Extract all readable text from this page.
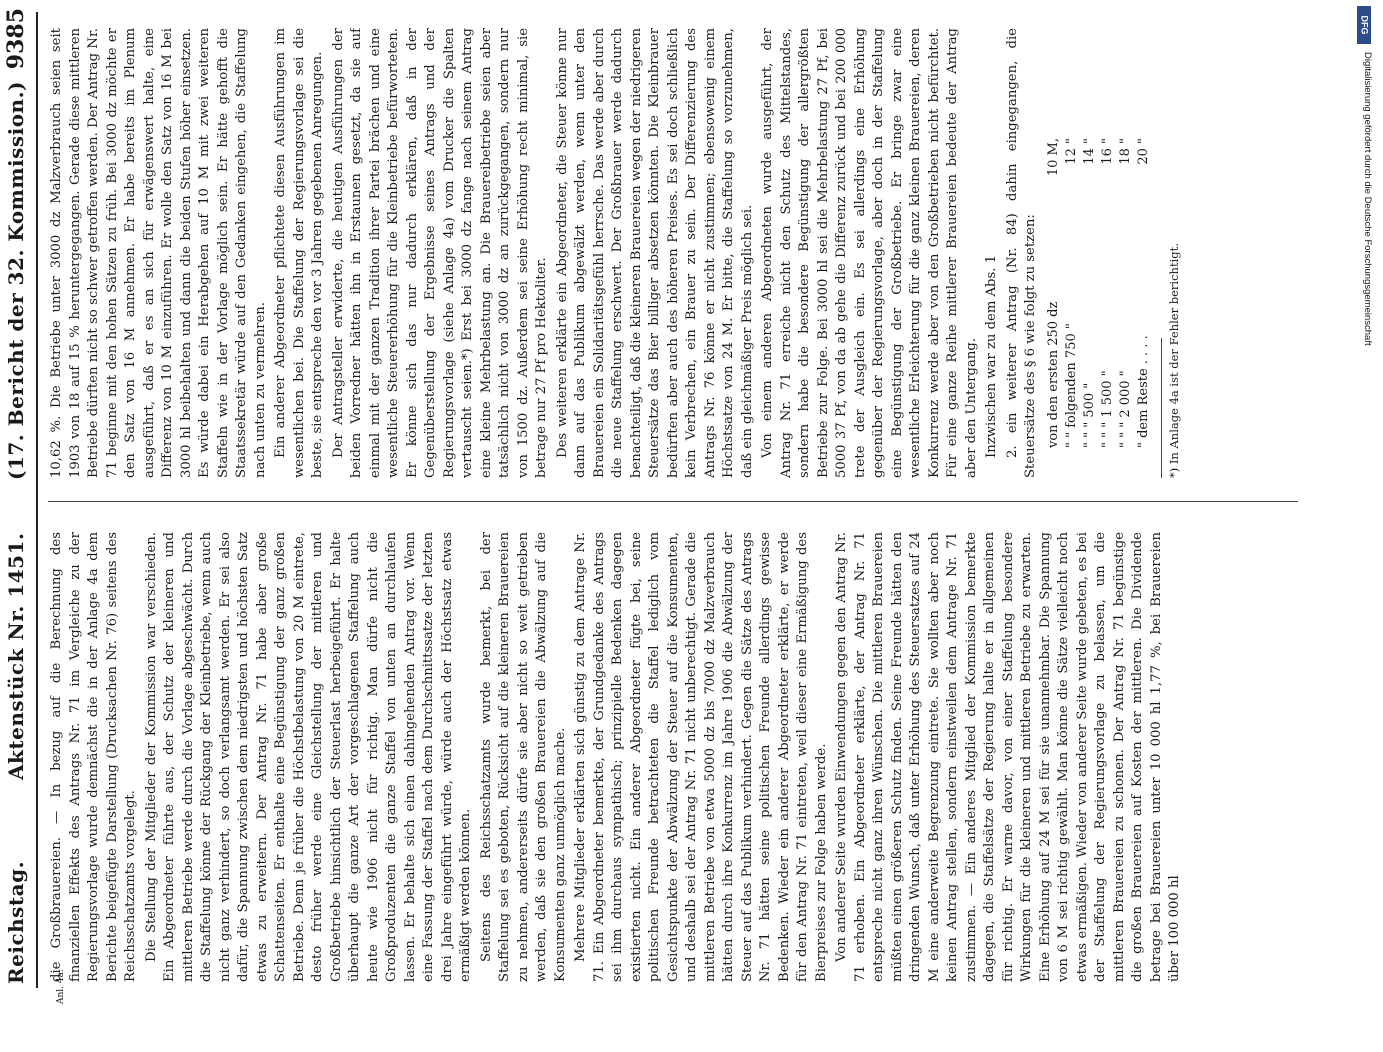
Reichstag.
Aktenstück Nr. 1451.
(17. Bericht der 32. Kommission.)
9385

die Großbrauereien. — In bezug auf die Berechnung des finanziellen Effekts des Antrags Nr. 71 im Vergleiche zu der Regierungsvorlage wurde demnächst die in der Anlage 4a dem Berichte beigefügte Darstellung (Drucksachen Nr. 76) seitens des Reichsschatzamts vorgelegt. Die Stellung der Mitglieder der Kommission war verschieden. Ein Abgeordneter führte aus, der Schutz der kleineren und mittleren Betriebe werde durch die Vorlage abgeschwächt. Durch die Staffelung könne der Rückgang der Kleinbetriebe, wenn auch nicht ganz verhindert, so doch verlangsamt werden. Er sei also dafür, die Spannung zwischen dem niedrigsten und höchsten Satz etwas zu erweitern. Der Antrag Nr. 71 habe aber große Schattenseiten. Er enthalte eine Begünstigung der ganz großen Betriebe. Denn je früher die Höchstbelastung von 20 M eintrete, desto früher werde eine Gleichstellung der mittleren und Großbetriebe hinsichtlich der Steuerlast herbeigeführt. Er halte überhaupt die ganze Art der vorgeschlagenen Staffelung auch heute wie 1906 nicht für richtig. Man dürfe nicht die Großproduzenten die ganze Staffel von unten an durchlaufen lassen. Er behalte sich einen dahingehenden Antrag vor. Wenn eine Fassung der Staffel nach dem Durchschnittssatze der letzten drei Jahre eingeführt würde, würde auch der Höchstsatz etwas ermäßigt werden können. Seitens des Reichsschatzamts wurde bemerkt, bei der Staffelung sei es geboten, Rücksicht auf die kleineren Brauereien zu nehmen, andererseits dürfe sie aber nicht so weit getrieben werden, daß sie den großen Brauereien die Abwälzung auf die Konsumenten ganz unmöglich mache. Mehrere Mitglieder erklärten sich günstig zu dem Antrage Nr. 71. Ein Abgeordneter bemerkte, der Grundgedanke des Antrags sei ihm durchaus sympathisch; prinzipielle Bedenken dagegen existierten nicht. Ein anderer Abgeordneter fügte bei, seine politischen Freunde betrachteten die Staffel lediglich vom Gesichtspunkte der Abwälzung der Steuer auf die Konsumenten, und deshalb sei der Antrag Nr. 71 nicht unberechtigt. Gerade die mittleren Betriebe von etwa 5000 dz bis 7000 dz Malzverbrauch hätten durch ihre Konkurrenz im Jahre 1906 die Abwälzung der Steuer auf das Publikum verhindert. Gegen die Sätze des Antrags Nr. 71 hätten seine politischen Freunde allerdings gewisse Bedenken. Wieder ein anderer Abgeordneter erklärte, er werde für den Antrag Nr. 71 eintreten, weil dieser eine Ermäßigung des Bierpreises zur Folge haben werde. Von anderer Seite wurden Einwendungen gegen den Antrag Nr. 71 erhoben. Ein Abgeordneter erklärte, der Antrag Nr. 71 entspreche nicht ganz ihren Wünschen. Die mittleren Brauereien müßten einen größeren Schutz finden. Seine Freunde hätten den dringenden Wunsch, daß unter Erhöhung des Steuersatzes auf 24 M eine anderweite Begrenzung eintrete. Sie wollten aber noch keinen Antrag stellen, sondern einstweilen dem Antrage Nr. 71 zustimmen. — Ein anderes Mitglied der Kommission bemerkte dagegen, die Staffelsätze der Regierung halte er in allgemeinen für richtig. Er warne davor, von einer Staffelung besondere Wirkungen für die kleineren und mittleren Betriebe zu erwarten. Eine Erhöhung auf 24 M sei für sie unannehmbar. Die Spannung von 6 M sei richtig gewählt. Man könne die Sätze vielleicht noch etwas ermäßigen. Wieder von anderer Seite wurde gebeten, es bei der Staffelung der Regierungsvorlage zu belassen, um die mittleren Brauereien zu schonen. Der Antrag Nr. 71 begünstige die großen Brauereien auf Kosten der mittleren. Die Dividende betrage bei Brauereien unter 10 000 hl 1,77 %, bei Brauereien über 100 000 hl

Anl. 4a.

10,62 %. Die Betriebe unter 3000 dz Malzverbrauch seien seit 1903 von 18 auf 15 % heruntergegangen. Gerade diese mittleren Betriebe dürften nicht so schwer getroffen werden. Der Antrag Nr. 71 beginne mit den hohen Sätzen zu früh. Bei 3000 dz möchte er den Satz von 16 M annehmen. Er habe bereits im Plenum ausgeführt, daß er es an sich für erwägenswert halte, eine Differenz von 10 M einzuführen. Er wolle den Satz von 16 M bei 3000 hl beibehalten und dann die beiden Stufen höher einsetzen. Es würde dabei ein Herabgehen auf 10 M mit zwei weiteren Staffeln wie in der Vorlage möglich sein. Er hätte gehofft die Staatssekretär würde auf den Gedanken eingehen, die Staffelung nach unten zu vermehren. Ein anderer Abgeordneter pflichtete diesen Ausführungen im wesentlichen bei. Die Staffelung der Regierungsvorlage sei die beste, sie entspreche den vor 3 Jahren gegebenen Anregungen. Der Antragsteller erwiderte, die heutigen Ausführungen der beiden Vorredner hätten ihn in Erstaunen gesetzt, da sie auf einmal mit der ganzen Tradition ihrer Partei brächen und eine wesentliche Steuererhöhung für die Kleinbetriebe befürworteten. Er könne sich das nur dadurch erklären, daß in der Gegenüberstellung der Ergebnisse seines Antrags und der Regierungsvorlage (siehe Anlage 4a) vom Drucker die Spalten vertauscht seien.*) Erst bei 3000 dz fange nach seinem Antrag eine kleine Mehrbelastung an. Die Brauereibetriebe seien aber tatsächlich nicht von 3000 dz an zurückgegangen, sondern nur von 1500 dz. Außerdem sei seine Erhöhung recht minimal, sie betrage nur 27 Pf pro Hektoliter. Des weiteren erklärte ein Abgeordneter, die Steuer könne nur dann auf das Publikum abgewälzt werden, wenn unter den Brauereien ein Solidaritätsgefühl herrsche. Das werde aber durch die neue Staffelung erschwert. Der Großbrauer werde dadurch benachteiligt, daß die kleineren Brauereien wegen der niedrigeren Steuersätze das Bier billiger absetzen könnten. Die Kleinbrauer bedürften aber auch des höheren Preises. Es sei doch schließlich kein Verbrechen, ein Brauer zu sein. Der Differenzierung des Antrags Nr. 76 könne er nicht zustimmen; ebensowenig einem Höchstsatze von 24 M. Er bitte, die Staffelung so vorzunehmen, daß ein gleichmäßiger Preis möglich sei. Von einem anderen Abgeordneten wurde ausgeführt, der Antrag Nr. 71 erreiche nicht den Schutz des Mittelstandes, sondern habe die besondere Begünstigung der allergrößten Betriebe zur Folge. Bei 3000 hl sei die Mehrbelastung 27 Pf, bei 5000 37 Pf, von da ab gehe die Differenz zurück und bei 200 000 trete der Ausgleich ein. Es sei allerdings eine Erhöhung gegenüber der Regierungsvorlage, aber doch in der Staffelung eine Begünstigung der Großbetriebe. Er bringe zwar eine wesentliche Erleichterung für die ganz kleinen Brauereien, deren Konkurrenz werde aber von den Großbetrieben nicht befürchtet. Für eine ganze Reihe mittlerer Brauereien bedeute der Antrag aber den Untergang. Inzwischen war zu dem Abs. 1 2. ein weiterer Antrag (Nr. 84) dahin eingegangen, die Steuersätze des § 6 wie folgt zu setzen: von den ersten 250 dz
10 M,
" " folgenden 750 "
12 "
" " " 500 "
14 "
" " " 1 500 "
16 "
" " " 2 000 "
18 "
" dem Reste . . . .
20 "
*) In Anlage 4a ist der Fehler berichtigt.
DFG
Digitalisierung gefördert durch die Deutsche Forschungsgemeinschaft
